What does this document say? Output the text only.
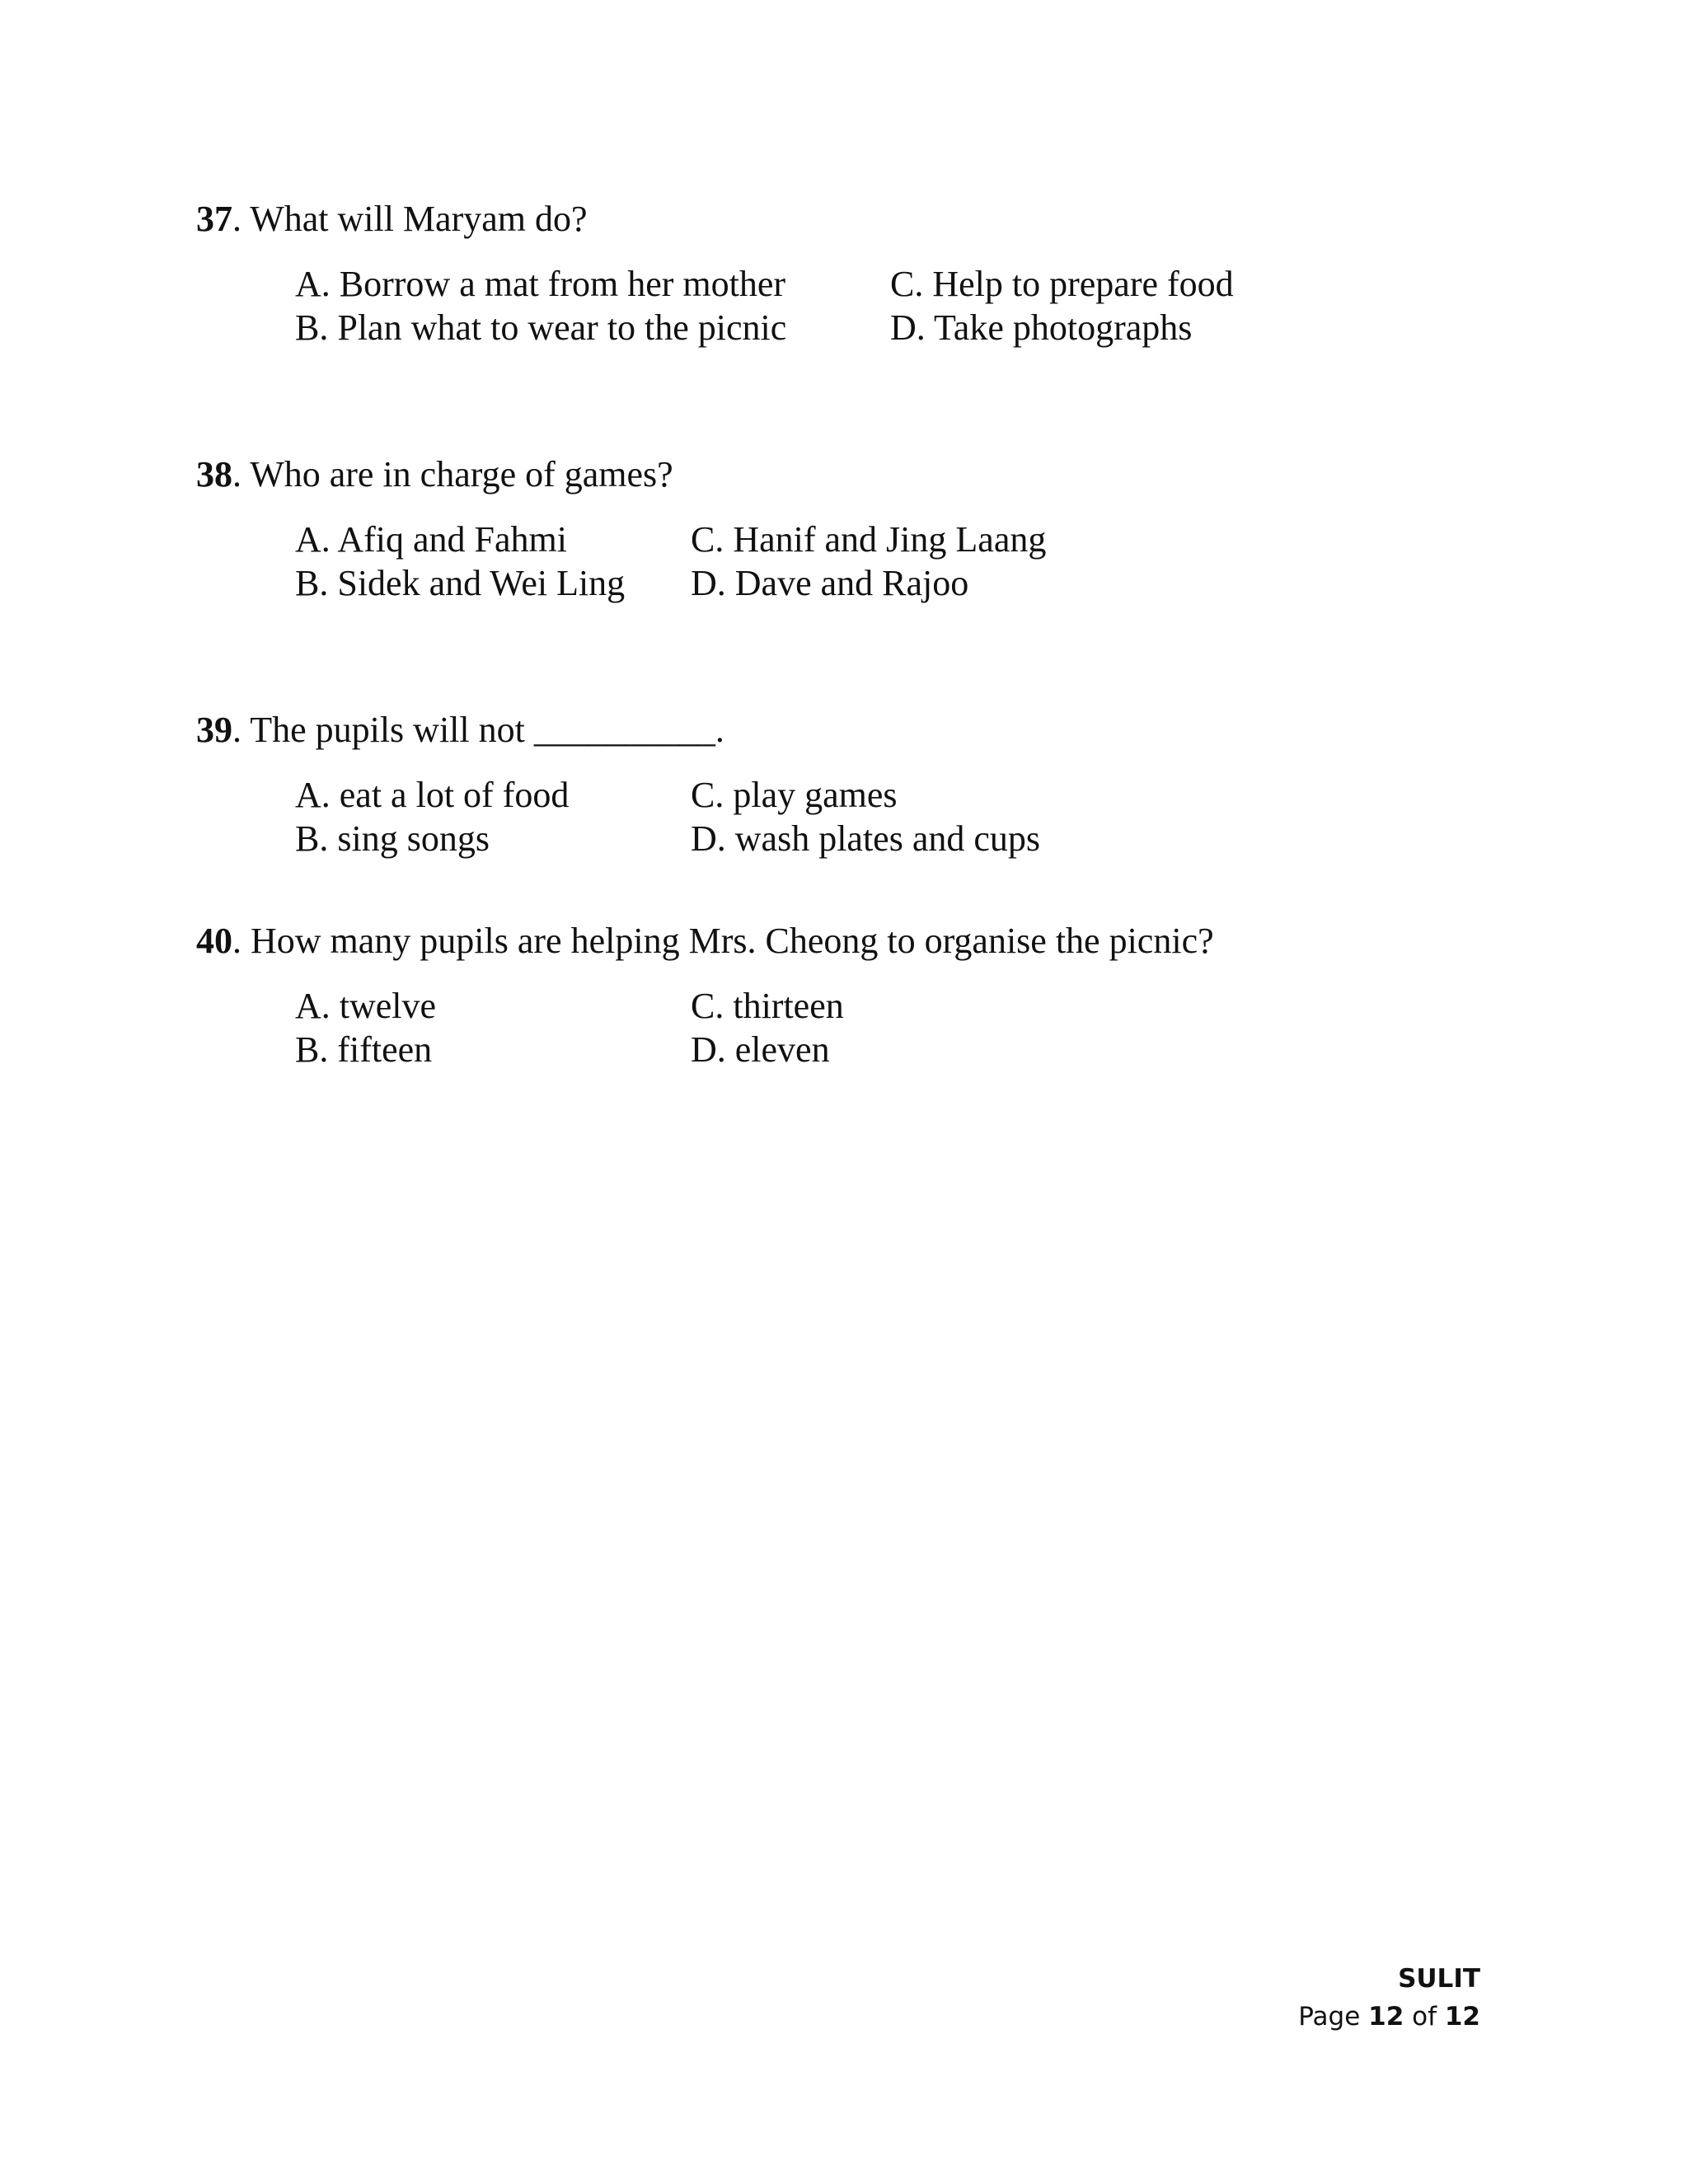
37. What will Maryam do?
A. Borrow a mat from her mother
B. Plan what to wear to the picnic
C. Help to prepare food
D. Take photographs
38. Who are in charge of games?
A. Afiq and Fahmi
B. Sidek and Wei Ling
C. Hanif and Jing Laang
D. Dave and Rajoo
39. The pupils will not __________.
A. eat a lot of food
B. sing songs
C. play games
D. wash plates and cups
40. How many pupils are helping Mrs. Cheong to organise the picnic?
A. twelve
B. fifteen
C. thirteen
D. eleven
SULIT
Page 12 of 12
